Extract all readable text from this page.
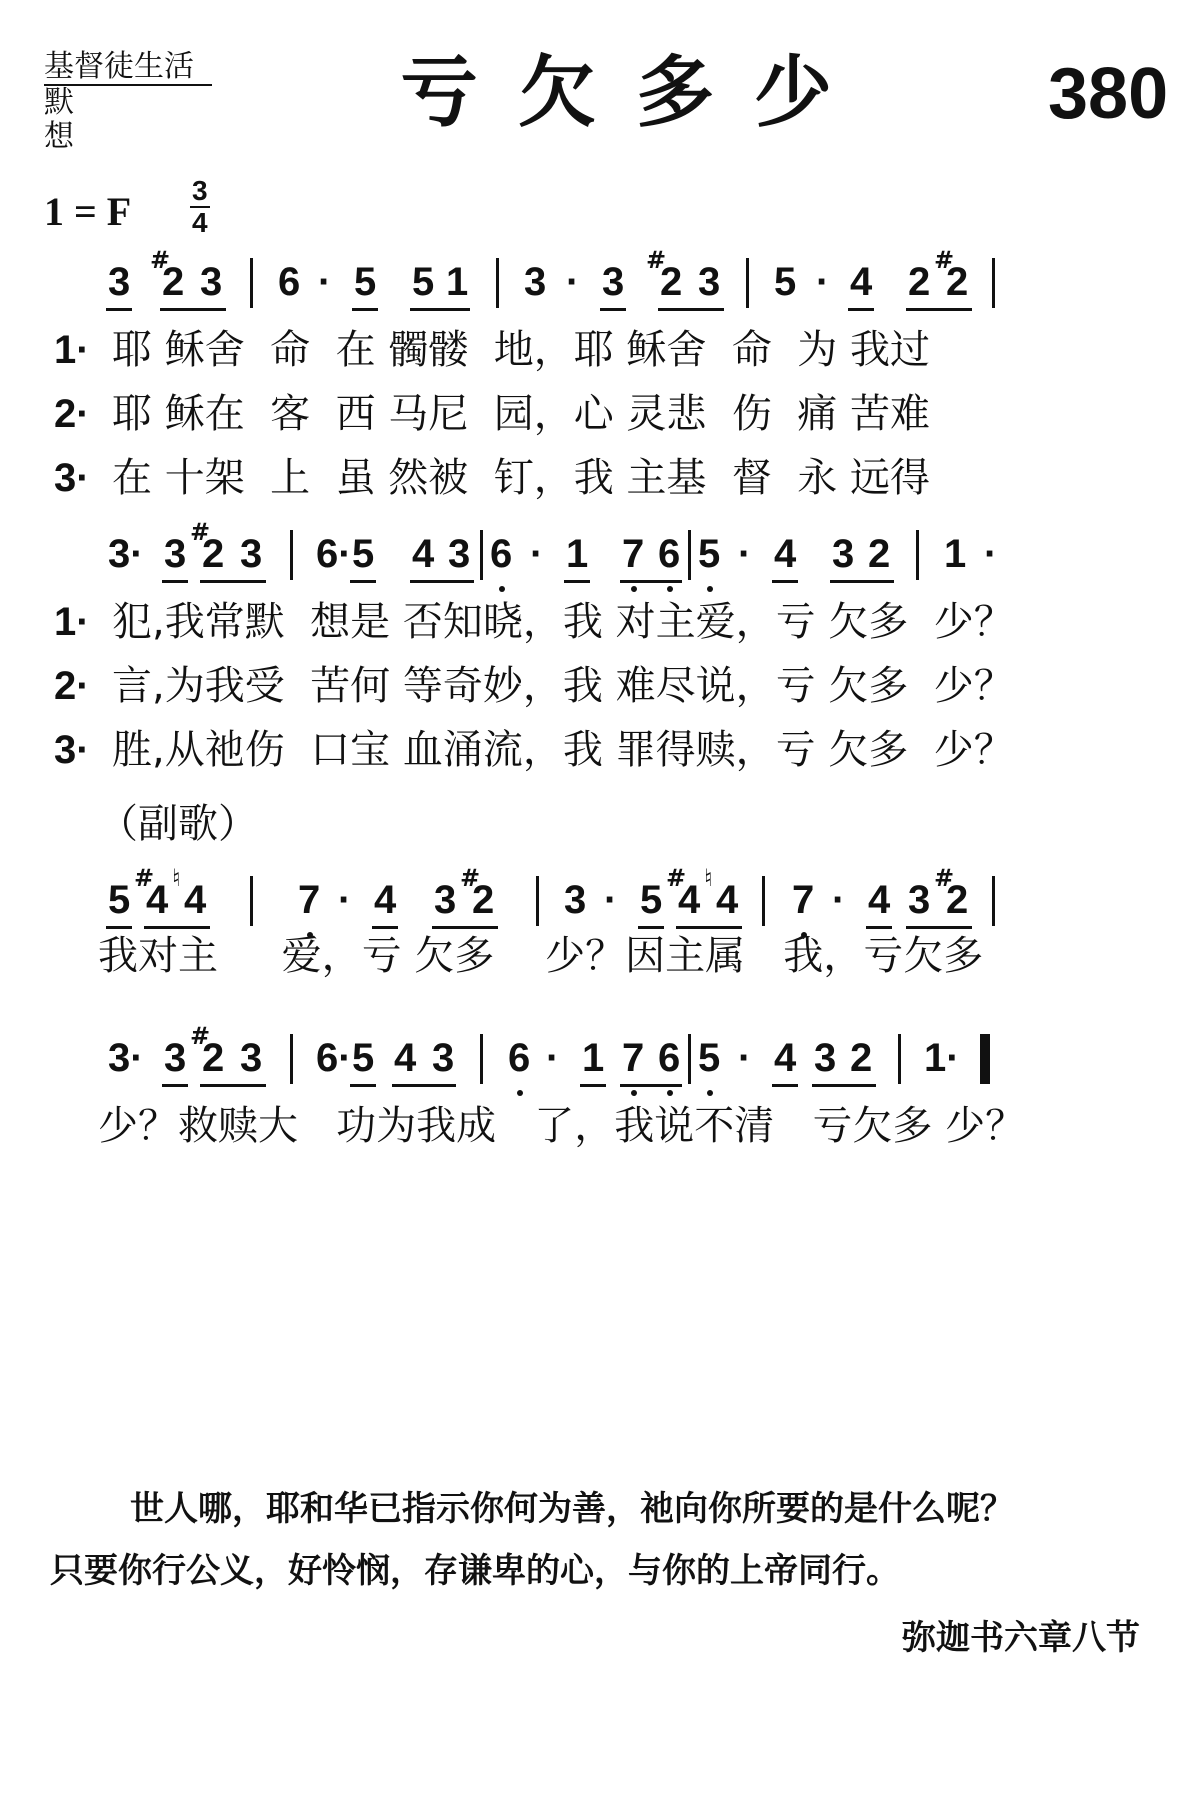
基督徒生活
默想	亏欠多少 380
1 = F 3
4
3 #
2 3 6 · 5 5 1 3 · 3 #
2 3 5 · 4 2 #
2
1· 耶 稣舍  命  在 髑髅  地，耶 稣舍  命  为 我过
2· 耶 稣在  客  西 马尼  园，心 灵悲  伤  痛 苦难
3· 在 十架  上  虽 然被  钉，我 主基  督  永 远得
3· 3 #
2 3 6· 5 4 3 6 · 1 7 6 5 · 4 3 2 1 ·
1· 犯,我常默  想是 否知晓，我 对主爱，亏 欠多  少？
2· 言,为我受  苦何 等奇妙，我 难尽说，亏 欠多  少？
3· 胜,从祂伤  口宝 血涌流，我 罪得赎，亏 欠多  少？
（副歌）
5 #
4 ♮ 4 7 · 4 3 #
2 3 · 5 #
4 ♮ 4 7 · 4 3 #
2
我对主     爱，亏 欠多    少？因主属   我，亏欠多
3· 3 #
2 3 6· 5 4 3 6 · 1 7 6 5 · 4 3 2 1·
少？救赎大   功为我成   了，我说不清   亏欠多 少？
世人哪，耶和华已指示你何为善，祂向你所要的是什么呢？
只要你行公义，好怜悯，存谦卑的心，与你的上帝同行。
弥迦书六章八节
